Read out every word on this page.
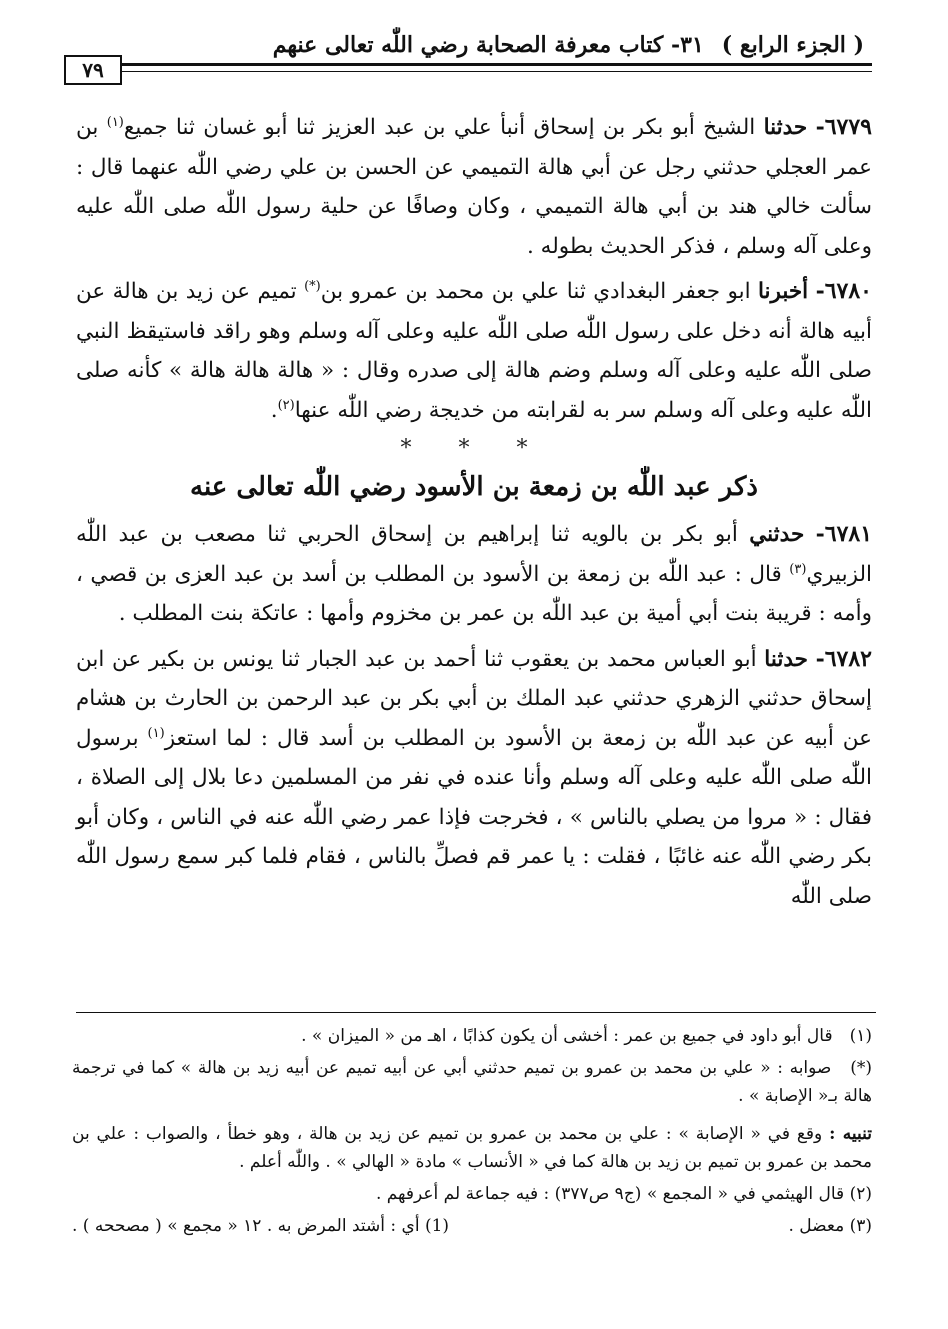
( الجزء الرابع )٣١- كتاب معرفة الصحابة رضي اللّٰه تعالى عنهم
٧٩

٦٧٧٩- حدثنا الشيخ أبو بكر بن إسحاق أنبأ علي بن عبد العزيز ثنا أبو غسان ثنا جميع$^{(١)}$ بن عمر العجلي حدثني رجل عن أبي هالة التميمي عن الحسن بن علي رضي اللّٰه عنهما قال : سألت خالي هند بن أبي هالة التميمي ، وكان وصافًا عن حلية رسول اللّٰه صلى اللّٰه عليه وعلى آله وسلم ، فذكر الحديث بطوله .

٦٧٨٠- أخبرنا ابو جعفر البغدادي ثنا علي بن محمد بن عمرو بن(*) تميم عن زيد بن هالة عن أبيه هالة أنه دخل على رسول اللّٰه صلى اللّٰه عليه وعلى آله وسلم وهو راقد فاستيقظ النبي صلى اللّٰه عليه وعلى آله وسلم وضم هالة إلى صدره وقال : « هالة هالة هالة » كأنه صلى اللّٰه عليه وعلى آله وسلم سر به لقرابته من خديجة رضي اللّٰه عنها$^{(٢)}$.

* * *
ذكر عبد اللّٰه بن زمعة بن الأسود رضي اللّٰه تعالى عنه

٦٧٨١- حدثني أبو بكر بن بالويه ثنا إبراهيم بن إسحاق الحربي ثنا مصعب بن عبد اللّٰه الزبيري$^{(٣)}$ قال : عبد اللّٰه بن زمعة بن الأسود بن المطلب بن أسد بن عبد العزى بن قصي ، وأمه : قريبة بنت أبي أمية بن عبد اللّٰه بن عمر بن مخزوم وأمها : عاتكة بنت المطلب .

٦٧٨٢- حدثنا أبو العباس محمد بن يعقوب ثنا أحمد بن عبد الجبار ثنا يونس بن بكير عن ابن إسحاق حدثني الزهري حدثني عبد الملك بن أبي بكر بن عبد الرحمن بن الحارث بن هشام عن أبيه عن عبد اللّٰه بن زمعة بن الأسود بن المطلب بن أسد قال : لما استعز$^{(١)}$ برسول اللّٰه صلى اللّٰه عليه وعلى آله وسلم وأنا عنده في نفر من المسلمين دعا بلال إلى الصلاة ، فقال : « مروا من يصلي بالناس » ، فخرجت فإذا عمر رضي اللّٰه عنه في الناس ، وكان أبو بكر رضي اللّٰه عنه غائبًا ، فقلت : يا عمر قم فصلِّ بالناس ، فقام فلما كبر سمع رسول اللّٰه صلى اللّٰه

(١) قال أبو داود في جميع بن عمر : أخشى أن يكون كذابًا ، اهـ من « الميزان » .
(*) صوابه : « علي بن محمد بن عمرو بن تميم حدثني أبي عن أبيه تميم عن أبيه زيد بن هالة » كما في ترجمة هالة بـ« الإصابة » .
تنبيه : وقع في « الإصابة » : علي بن محمد بن عمرو بن تميم عن زيد بن هالة ، وهو خطأ ، والصواب : علي بن محمد بن عمرو بن تميم بن زيد بن هالة كما في « الأنساب » مادة « الهالي » . واللّٰه أعلم .
(٢) قال الهيثمي في « المجمع » (ج٩ ص٣٧٧) : فيه جماعة لم أعرفهم .
(٣) معضل .
(1) أي : أشتد المرض به . ١٢ « مجمع » ( مصححه ) .
